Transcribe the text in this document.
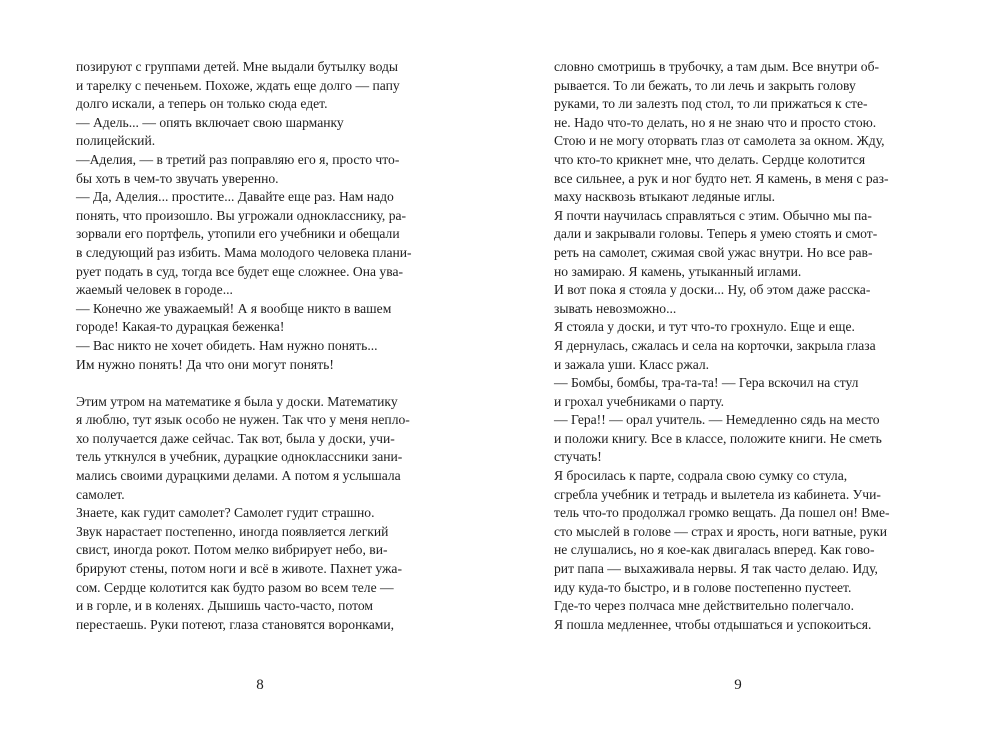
позируют с группами детей. Мне выдали бутылку воды
и тарелку с печеньем. Похоже, ждать еще долго — папу
долго искали, а теперь он только сюда едет.

— Адель... — опять включает свою шарманку
полицейский.

—Аделия, — в третий раз поправляю его я, просто что-
бы хоть в чем-то звучать уверенно.

— Да, Аделия... простите... Давайте еще раз. Нам надо
понять, что произошло. Вы угрожали однокласснику, ра-
зорвали его портфель, утопили его учебники и обещали
в следующий раз избить. Мама молодого человека плани-
рует подать в суд, тогда все будет еще сложнее. Она ува-
жаемый человек в городе...

— Конечно же уважаемый! А я вообще никто в вашем
городе! Какая-то дурацкая беженка!

— Вас никто не хочет обидеть. Нам нужно понять...

Им нужно понять! Да что они могут понять!

Этим утром на математике я была у доски. Математику
я люблю, тут язык особо не нужен. Так что у меня непло-
хо получается даже сейчас. Так вот, была у доски, учи-
тель уткнулся в учебник, дурацкие одноклассники зани-
мались своими дурацкими делами. А потом я услышала
самолет.

Знаете, как гудит самолет? Самолет гудит страшно.
Звук нарастает постепенно, иногда появляется легкий
свист, иногда рокот. Потом мелко вибрирует небо, ви-
брируют стены, потом ноги и всё в животе. Пахнет ужа-
сом. Сердце колотится как будто разом во всем теле —
и в горле, и в коленях. Дышишь часто-часто, потом
перестаешь. Руки потеют, глаза становятся воронками,

словно смотришь в трубочку, а там дым. Все внутри об-
рывается. То ли бежать, то ли лечь и закрыть голову
руками, то ли залезть под стол, то ли прижаться к сте-
не. Надо что-то делать, но я не знаю что и просто стою.
Стою и не могу оторвать глаз от самолета за окном. Жду,
что кто-то крикнет мне, что делать. Сердце колотится
все сильнее, а рук и ног будто нет. Я камень, в меня с раз-
маху насквозь втыкают ледяные иглы.

Я почти научилась справляться с этим. Обычно мы па-
дали и закрывали головы. Теперь я умею стоять и смот-
реть на самолет, сжимая свой ужас внутри. Но все рав-
но замираю. Я камень, утыканный иглами.

И вот пока я стояла у доски... Ну, об этом даже расска-
зывать невозможно...

Я стояла у доски, и тут что-то грохнуло. Еще и еще.
Я дернулась, сжалась и села на корточки, закрыла глаза
и зажала уши. Класс ржал.

— Бомбы, бомбы, тра-та-та! — Гера вскочил на стул
и грохал учебниками о парту.

— Гера!! — орал учитель. — Немедленно сядь на место
и положи книгу. Все в классе, положите книги. Не сметь
стучать!

Я бросилась к парте, содрала свою сумку со стула,
сгребла учебник и тетрадь и вылетела из кабинета. Учи-
тель что-то продолжал громко вещать. Да пошел он! Вме-
сто мыслей в голове — страх и ярость, ноги ватные, руки
не слушались, но я кое-как двигалась вперед. Как гово-
рит папа — выхаживала нервы. Я так часто делаю. Иду,
иду куда-то быстро, и в голове постепенно пустеет.

Где-то через полчаса мне действительно полегчало.
Я пошла медленнее, чтобы отдышаться и успокоиться.

8	9
